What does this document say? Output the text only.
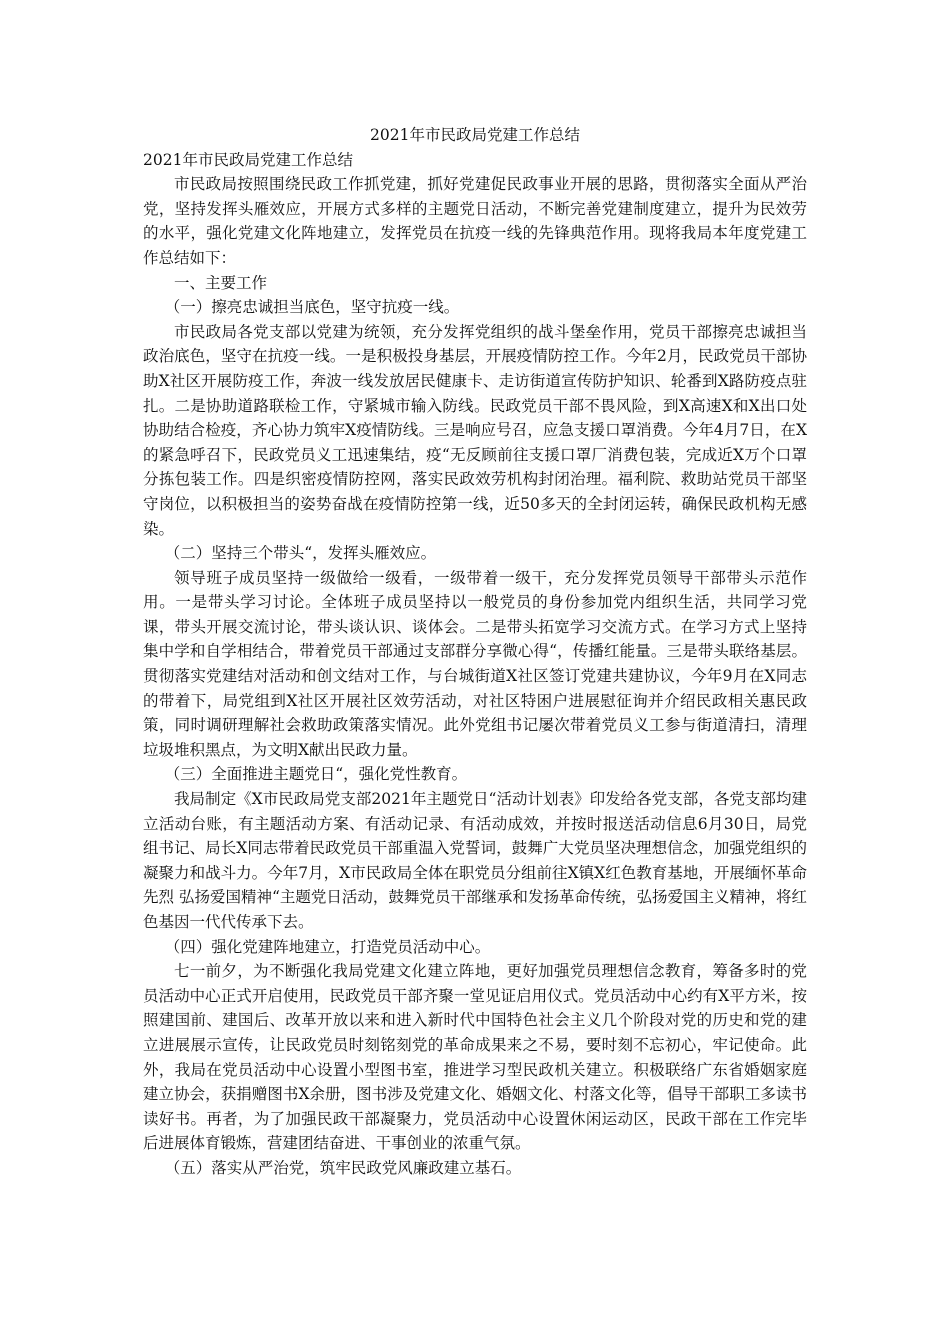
2021年市民政局党建工作总结

2021年市民政局党建工作总结

市民政局按照围绕民政工作抓党建，抓好党建促民政事业开展的思路，贯彻落实全面从严治党，坚持发挥头雁效应，开展方式多样的主题党日活动，不断完善党建制度建立，提升为民效劳的水平，强化党建文化阵地建立，发挥党员在抗疫一线的先锋典范作用。现将我局本年度党建工作总结如下：

一、主要工作

（一）擦亮忠诚担当底色，坚守抗疫一线。

市民政局各党支部以党建为统领，充分发挥党组织的战斗堡垒作用，党员干部擦亮忠诚担当政治底色，坚守在抗疫一线。一是积极投身基层，开展疫情防控工作。今年2月，民政党员干部协助X社区开展防疫工作，奔波一线发放居民健康卡、走访街道宣传防护知识、轮番到X路防疫点驻扎。二是协助道路联检工作，守紧城市输入防线。民政党员干部不畏风险，到X高速X和X出口处协助结合检疫，齐心协力筑牢X疫情防线。三是响应号召，应急支援口罩消费。今年4月7日，在X的紧急呼召下，民政党员义工迅速集结，疫“无反顾前往支援口罩厂消费包装，完成近X万个口罩分拣包装工作。四是织密疫情防控网，落实民政效劳机构封闭治理。福利院、救助站党员干部坚守岗位，以积极担当的姿势奋战在疫情防控第一线，近50多天的全封闭运转，确保民政机构无感染。

（二）坚持三个带头“，发挥头雁效应。

领导班子成员坚持一级做给一级看，一级带着一级干，充分发挥党员领导干部带头示范作用。一是带头学习讨论。全体班子成员坚持以一般党员的身份参加党内组织生活，共同学习党课，带头开展交流讨论，带头谈认识、谈体会。二是带头拓宽学习交流方式。在学习方式上坚持集中学和自学相结合，带着党员干部通过支部群分享微心得“，传播红能量。三是带头联络基层。贯彻落实党建结对活动和创文结对工作，与台城街道X社区签订党建共建协议，今年9月在X同志的带着下，局党组到X社区开展社区效劳活动，对社区特困户进展慰征询并介绍民政相关惠民政策，同时调研理解社会救助政策落实情况。此外党组书记屡次带着党员义工参与街道清扫，清理垃圾堆积黑点，为文明X献出民政力量。

（三）全面推进主题党日“，强化党性教育。

我局制定《X市民政局党支部2021年主题党日“活动计划表》印发给各党支部，各党支部均建立活动台账，有主题活动方案、有活动记录、有活动成效，并按时报送活动信息6月30日，局党组书记、局长X同志带着民政党员干部重温入党誓词，鼓舞广大党员坚决理想信念，加强党组织的凝聚力和战斗力。今年7月，X市民政局全体在职党员分组前往X镇X红色教育基地，开展缅怀革命先烈 弘扬爱国精神“主题党日活动，鼓舞党员干部继承和发扬革命传统，弘扬爱国主义精神，将红色基因一代代传承下去。

（四）强化党建阵地建立，打造党员活动中心。

七一前夕，为不断强化我局党建文化建立阵地，更好加强党员理想信念教育，筹备多时的党员活动中心正式开启使用，民政党员干部齐聚一堂见证启用仪式。党员活动中心约有X平方米，按照建国前、建国后、改革开放以来和进入新时代中国特色社会主义几个阶段对党的历史和党的建立进展展示宣传，让民政党员时刻铭刻党的革命成果来之不易，要时刻不忘初心，牢记使命。此外，我局在党员活动中心设置小型图书室，推进学习型民政机关建立。积极联络广东省婚姻家庭建立协会，获捐赠图书X余册，图书涉及党建文化、婚姻文化、村落文化等，倡导干部职工多读书读好书。再者，为了加强民政干部凝聚力，党员活动中心设置休闲运动区，民政干部在工作完毕后进展体育锻炼，营建团结奋进、干事创业的浓重气氛。

（五）落实从严治党，筑牢民政党风廉政建立基石。
